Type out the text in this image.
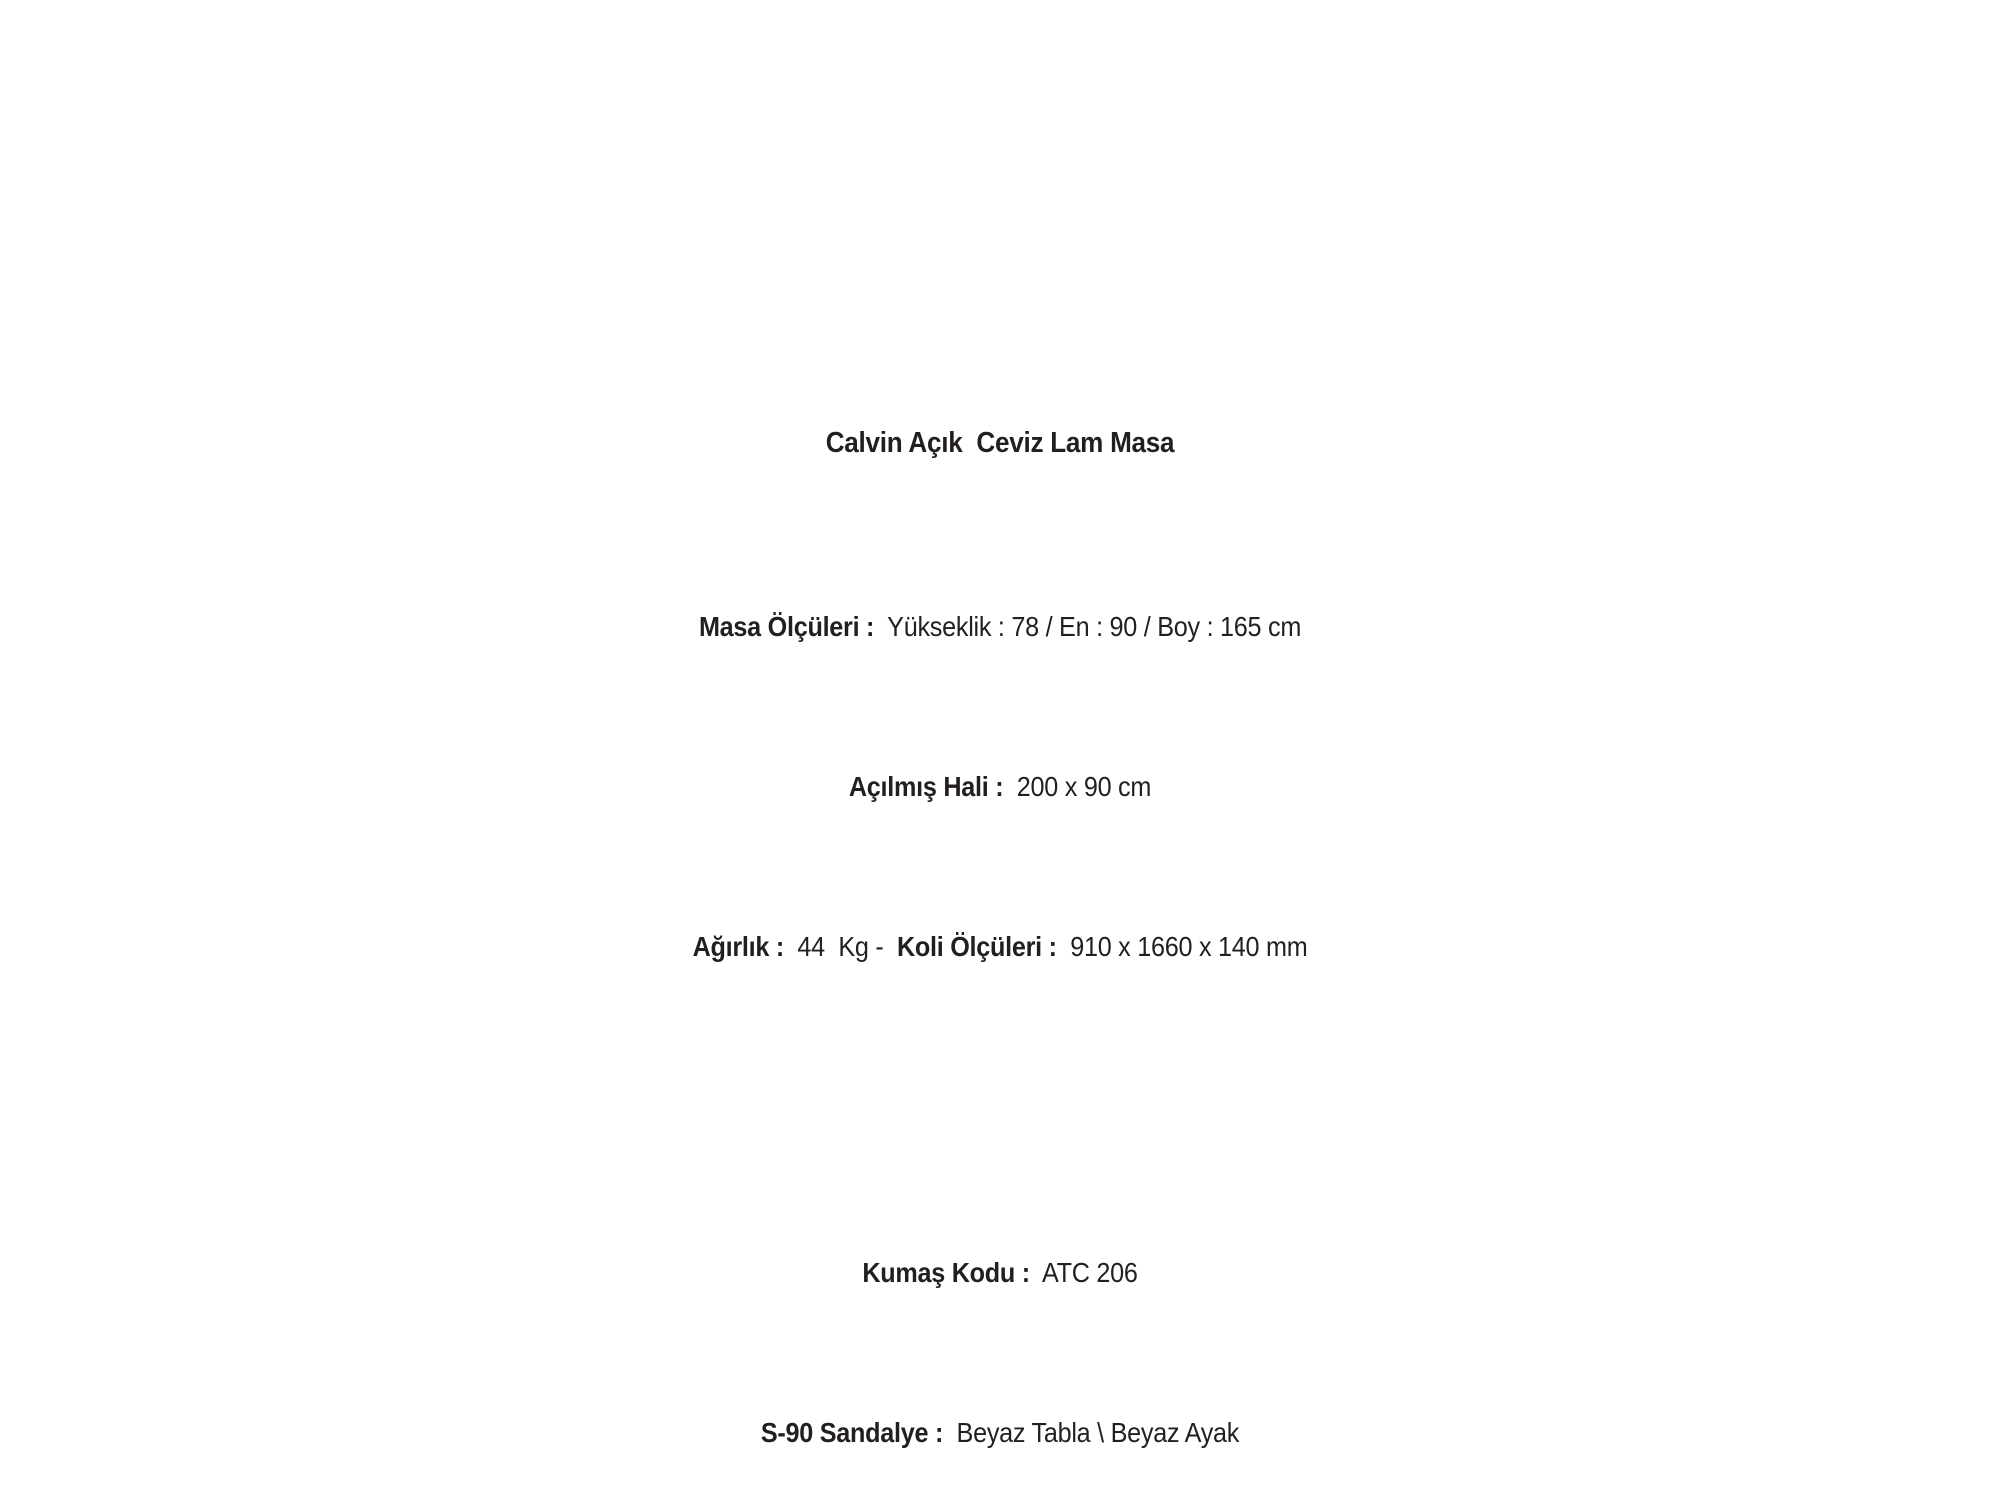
Calvin Açık  Ceviz Lam Masa

Masa Ölçüleri :  Yükseklik : 78 / En : 90 / Boy : 165 cm

Açılmış Hali :  200 x 90 cm

Ağırlık :  44  Kg -  Koli Ölçüleri :  910 x 1660 x 140 mm

Kumaş Kodu :  ATC 206

S-90 Sandalye :  Beyaz Tabla \ Beyaz Ayak
